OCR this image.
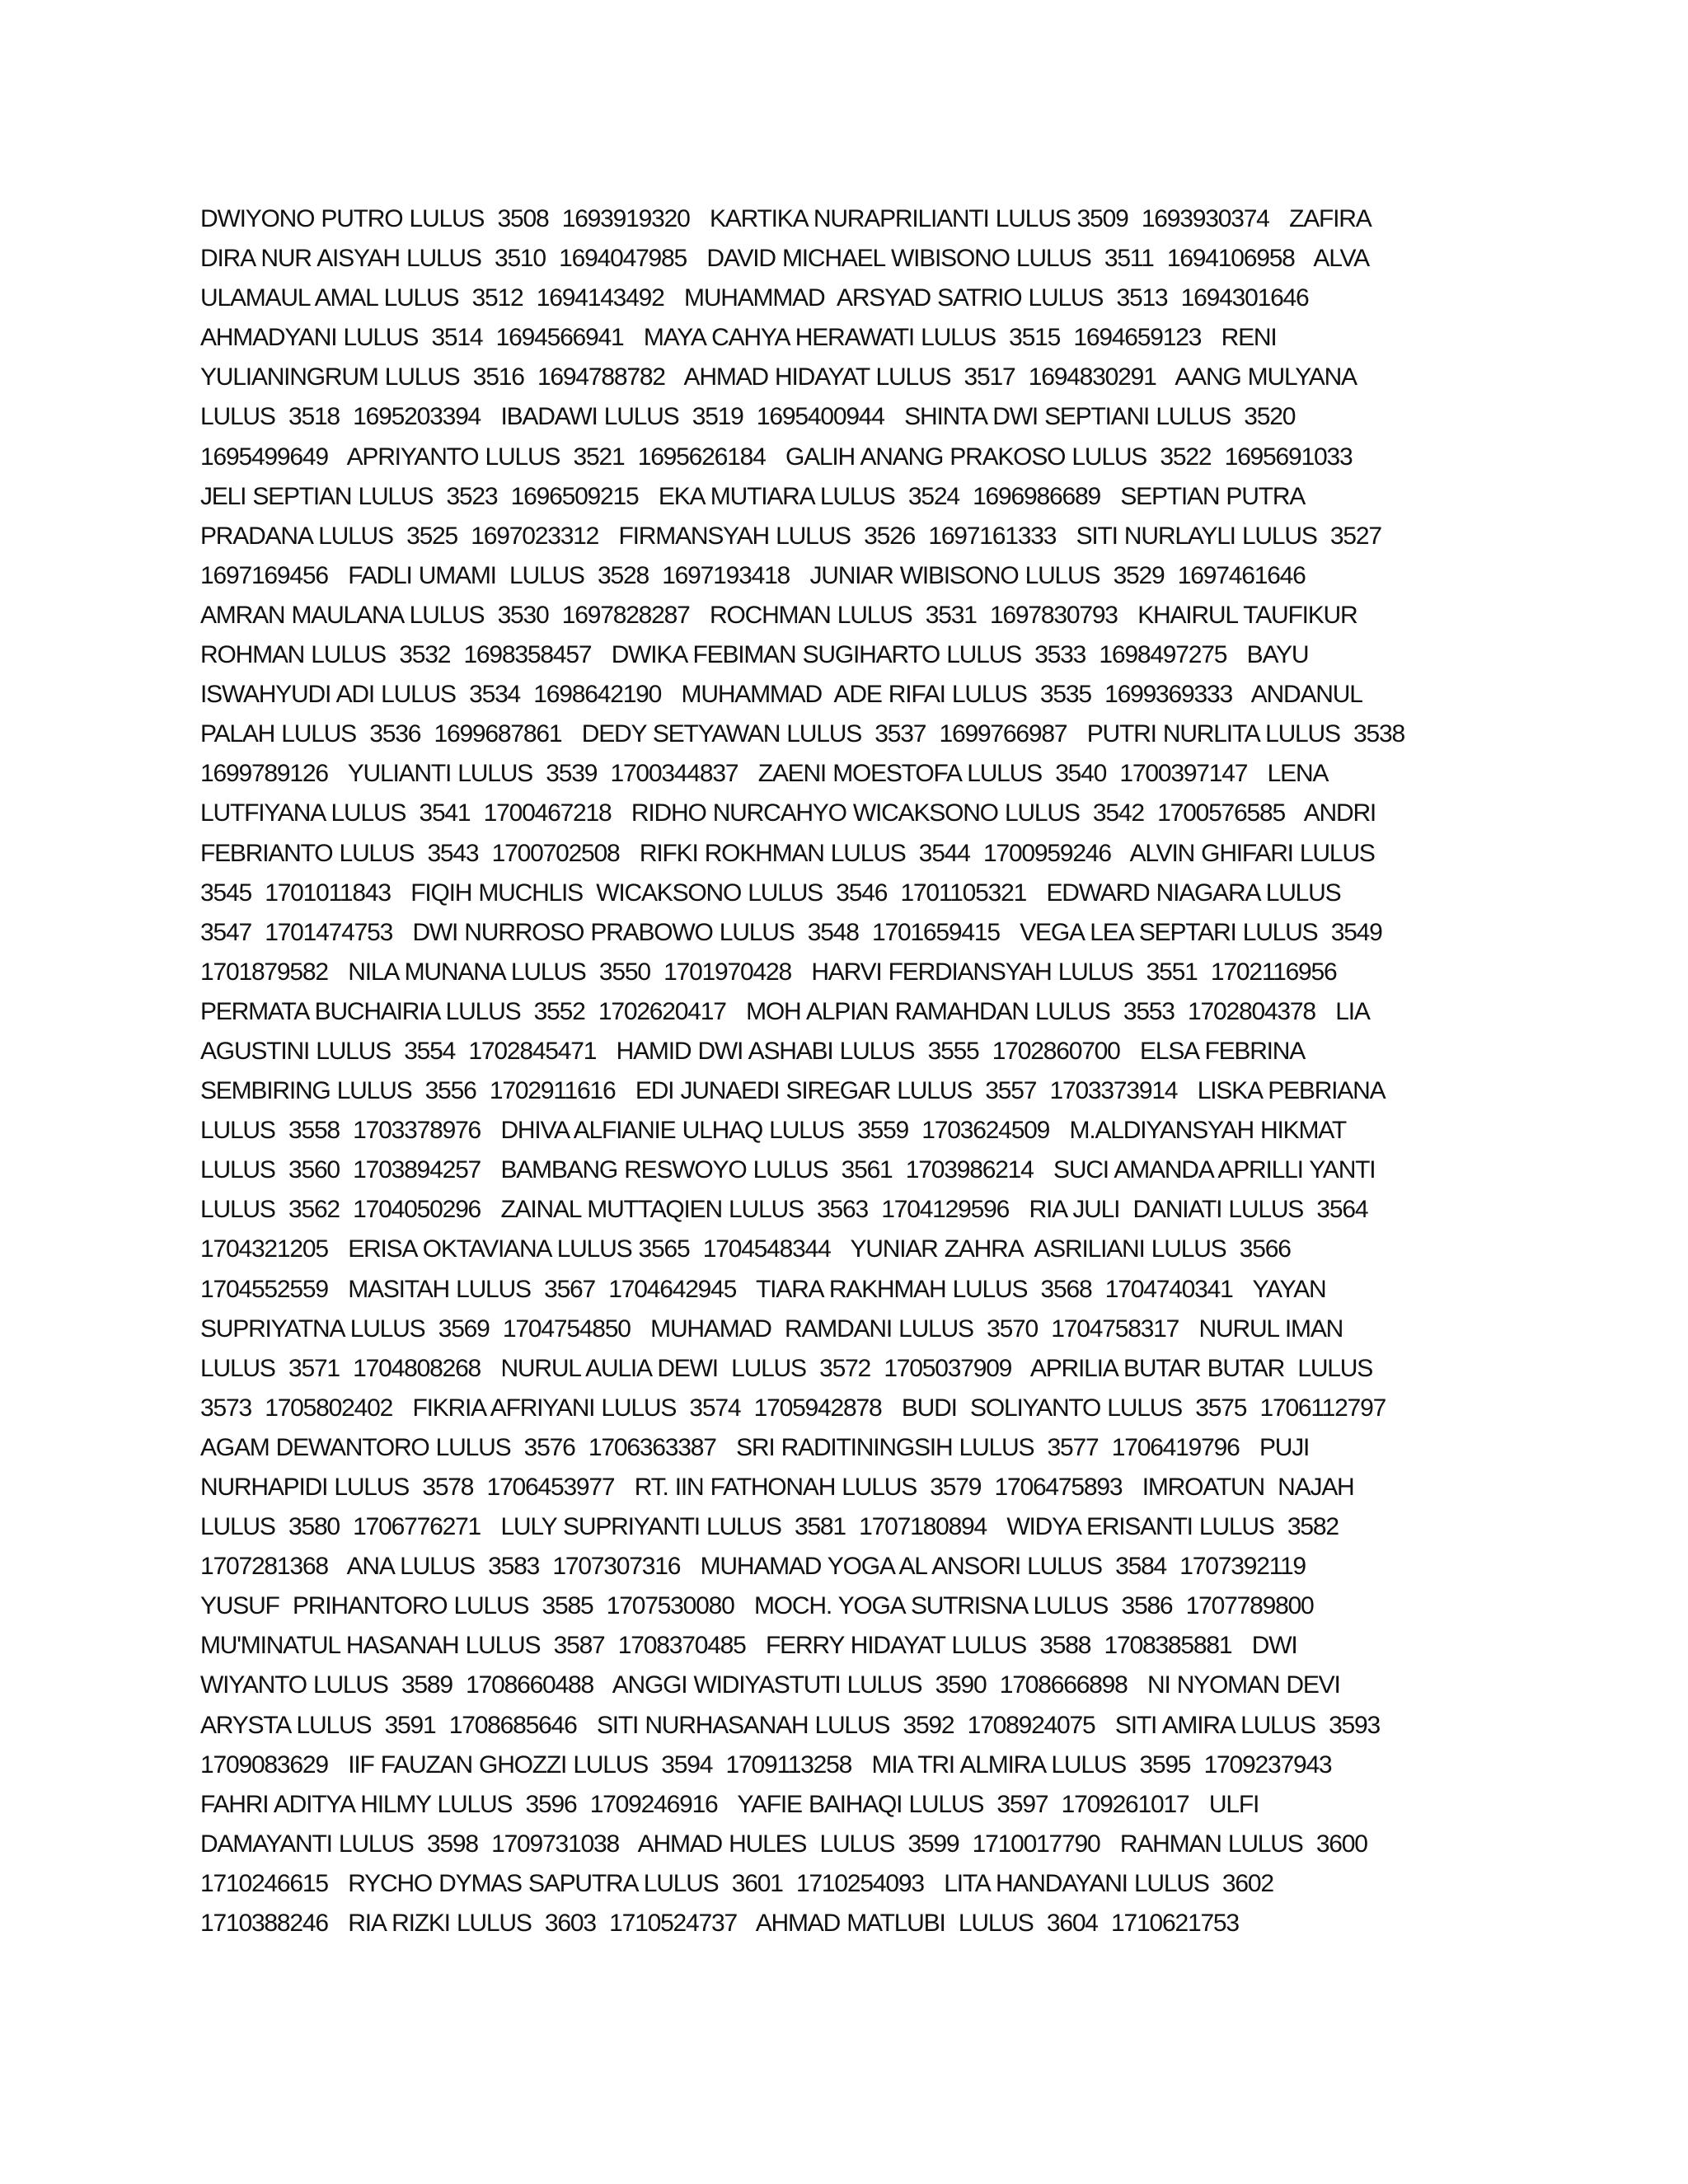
DWIYONO PUTRO LULUS  3508  1693919320   KARTIKA NURAPRILIANTI LULUS 3509  1693930374   ZAFIRA
DIRA NUR AISYAH LULUS  3510  1694047985   DAVID MICHAEL WIBISONO LULUS  3511  1694106958   ALVA
ULAMAUL AMAL LULUS  3512  1694143492   MUHAMMAD  ARSYAD SATRIO LULUS  3513  1694301646
AHMADYANI LULUS  3514  1694566941   MAYA CAHYA HERAWATI LULUS  3515  1694659123   RENI
YULIANINGRUM LULUS  3516  1694788782   AHMAD HIDAYAT LULUS  3517  1694830291   AANG MULYANA
LULUS  3518  1695203394   IBADAWI LULUS  3519  1695400944   SHINTA DWI SEPTIANI LULUS  3520
1695499649   APRIYANTO LULUS  3521  1695626184   GALIH ANANG PRAKOSO LULUS  3522  1695691033
JELI SEPTIAN LULUS  3523  1696509215   EKA MUTIARA LULUS  3524  1696986689   SEPTIAN PUTRA
PRADANA LULUS  3525  1697023312   FIRMANSYAH LULUS  3526  1697161333   SITI NURLAYLI LULUS  3527
1697169456   FADLI UMAMI  LULUS  3528  1697193418   JUNIAR WIBISONO LULUS  3529  1697461646
AMRAN MAULANA LULUS  3530  1697828287   ROCHMAN LULUS  3531  1697830793   KHAIRUL TAUFIKUR
ROHMAN LULUS  3532  1698358457   DWIKA FEBIMAN SUGIHARTO LULUS  3533  1698497275   BAYU
ISWAHYUDI ADI LULUS  3534  1698642190   MUHAMMAD  ADE RIFAI LULUS  3535  1699369333   ANDANUL
PALAH LULUS  3536  1699687861   DEDY SETYAWAN LULUS  3537  1699766987   PUTRI NURLITA LULUS  3538
1699789126   YULIANTI LULUS  3539  1700344837   ZAENI MOESTOFA LULUS  3540  1700397147   LENA
LUTFIYANA LULUS  3541  1700467218   RIDHO NURCAHYO WICAKSONO LULUS  3542  1700576585   ANDRI
FEBRIANTO LULUS  3543  1700702508   RIFKI ROKHMAN LULUS  3544  1700959246   ALVIN GHIFARI LULUS
3545  1701011843   FIQIH MUCHLIS  WICAKSONO LULUS  3546  1701105321   EDWARD NIAGARA LULUS
3547  1701474753   DWI NURROSO PRABOWO LULUS  3548  1701659415   VEGA LEA SEPTARI LULUS  3549
1701879582   NILA MUNANA LULUS  3550  1701970428   HARVI FERDIANSYAH LULUS  3551  1702116956
PERMATA BUCHAIRIA LULUS  3552  1702620417   MOH ALPIAN RAMAHDAN LULUS  3553  1702804378   LIA
AGUSTINI LULUS  3554  1702845471   HAMID DWI ASHABI LULUS  3555  1702860700   ELSA FEBRINA
SEMBIRING LULUS  3556  1702911616   EDI JUNAEDI SIREGAR LULUS  3557  1703373914   LISKA PEBRIANA
LULUS  3558  1703378976   DHIVA ALFIANIE ULHAQ LULUS  3559  1703624509   M.ALDIYANSYAH HIKMAT
LULUS  3560  1703894257   BAMBANG RESWOYO LULUS  3561  1703986214   SUCI AMANDA APRILLI YANTI
LULUS  3562  1704050296   ZAINAL MUTTAQIEN LULUS  3563  1704129596   RIA JULI  DANIATI LULUS  3564
1704321205   ERISA OKTAVIANA LULUS 3565  1704548344   YUNIAR ZAHRA  ASRILIANI LULUS  3566
1704552559   MASITAH LULUS  3567  1704642945   TIARA RAKHMAH LULUS  3568  1704740341   YAYAN
SUPRIYATNA LULUS  3569  1704754850   MUHAMAD  RAMDANI LULUS  3570  1704758317   NURUL IMAN
LULUS  3571  1704808268   NURUL AULIA DEWI  LULUS  3572  1705037909   APRILIA BUTAR BUTAR  LULUS
3573  1705802402   FIKRIA AFRIYANI LULUS  3574  1705942878   BUDI  SOLIYANTO LULUS  3575  1706112797
AGAM DEWANTORO LULUS  3576  1706363387   SRI RADITININGSIH LULUS  3577  1706419796   PUJI
NURHAPIDI LULUS  3578  1706453977   RT. IIN FATHONAH LULUS  3579  1706475893   IMROATUN  NAJAH
LULUS  3580  1706776271   LULY SUPRIYANTI LULUS  3581  1707180894   WIDYA ERISANTI LULUS  3582
1707281368   ANA LULUS  3583  1707307316   MUHAMAD YOGA AL ANSORI LULUS  3584  1707392119
YUSUF  PRIHANTORO LULUS  3585  1707530080   MOCH. YOGA SUTRISNA LULUS  3586  1707789800
MU'MINATUL HASANAH LULUS  3587  1708370485   FERRY HIDAYAT LULUS  3588  1708385881   DWI
WIYANTO LULUS  3589  1708660488   ANGGI WIDIYASTUTI LULUS  3590  1708666898   NI NYOMAN DEVI
ARYSTA LULUS  3591  1708685646   SITI NURHASANAH LULUS  3592  1708924075   SITI AMIRA LULUS  3593
1709083629   IIF FAUZAN GHOZZI LULUS  3594  1709113258   MIA TRI ALMIRA LULUS  3595  1709237943
FAHRI ADITYA HILMY LULUS  3596  1709246916   YAFIE BAIHAQI LULUS  3597  1709261017   ULFI
DAMAYANTI LULUS  3598  1709731038   AHMAD HULES  LULUS  3599  1710017790   RAHMAN LULUS  3600
1710246615   RYCHO DYMAS SAPUTRA LULUS  3601  1710254093   LITA HANDAYANI LULUS  3602
1710388246   RIA RIZKI LULUS  3603  1710524737   AHMAD MATLUBI  LULUS  3604  1710621753
